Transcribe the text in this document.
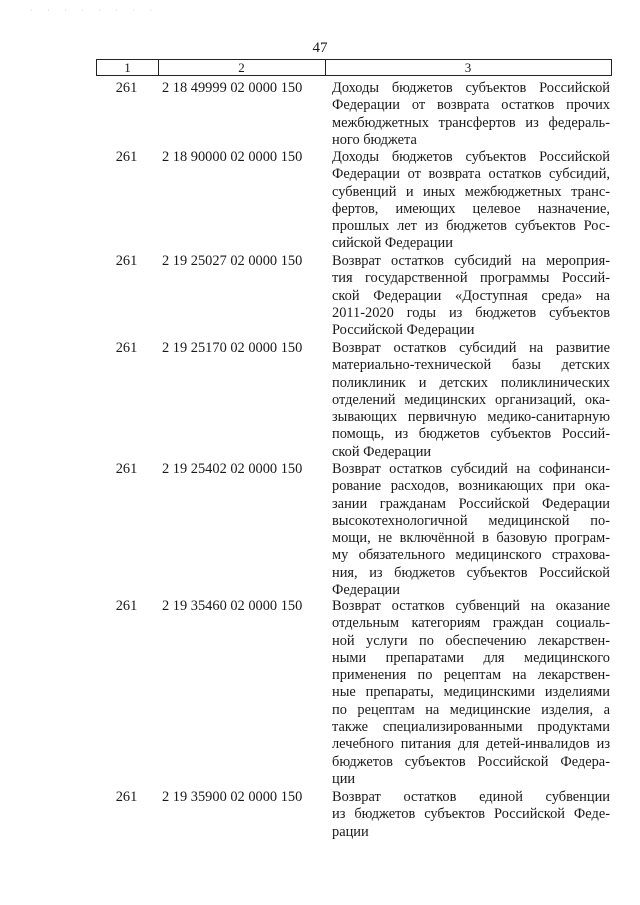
· · · · · · · ·
47
1	2	3
261	2 18 49999 02 0000 150	Доходы бюджетов субъектов Российской
Федерации от возврата остатков прочих
межбюджетных трансфертов из федераль-
ного бюджета
261	2 18 90000 02 0000 150	Доходы бюджетов субъектов Российской
Федерации от возврата остатков субсидий,
субвенций и иных межбюджетных транс-
фертов, имеющих целевое назначение,
прошлых лет из бюджетов субъектов Рос-
сийской Федерации
261	2 19 25027 02 0000 150	Возврат остатков субсидий на мероприя-
тия государственной программы Россий-
ской Федерации «Доступная среда» на
2011-2020 годы из бюджетов субъектов
Российской Федерации
261	2 19 25170 02 0000 150	Возврат остатков субсидий на развитие
материально-технической базы детских
поликлиник и детских поликлинических
отделений медицинских организаций, ока-
зывающих первичную медико-санитарную
помощь, из бюджетов субъектов Россий-
ской Федерации
261	2 19 25402 02 0000 150	Возврат остатков субсидий на софинанси-
рование расходов, возникающих при ока-
зании гражданам Российской Федерации
высокотехнологичной медицинской по-
мощи, не включённой в базовую програм-
му обязательного медицинского страхова-
ния, из бюджетов субъектов Российской
Федерации
261	2 19 35460 02 0000 150	Возврат остатков субвенций на оказание
отдельным категориям граждан социаль-
ной услуги по обеспечению лекарствен-
ными препаратами для медицинского
применения по рецептам на лекарствен-
ные препараты, медицинскими изделиями
по рецептам на медицинские изделия, а
также специализированными продуктами
лечебного питания для детей-инвалидов из
бюджетов субъектов Российской Федера-
ции
261	2 19 35900 02 0000 150	Возврат остатков единой субвенции
из бюджетов субъектов Российской Феде-
рации
